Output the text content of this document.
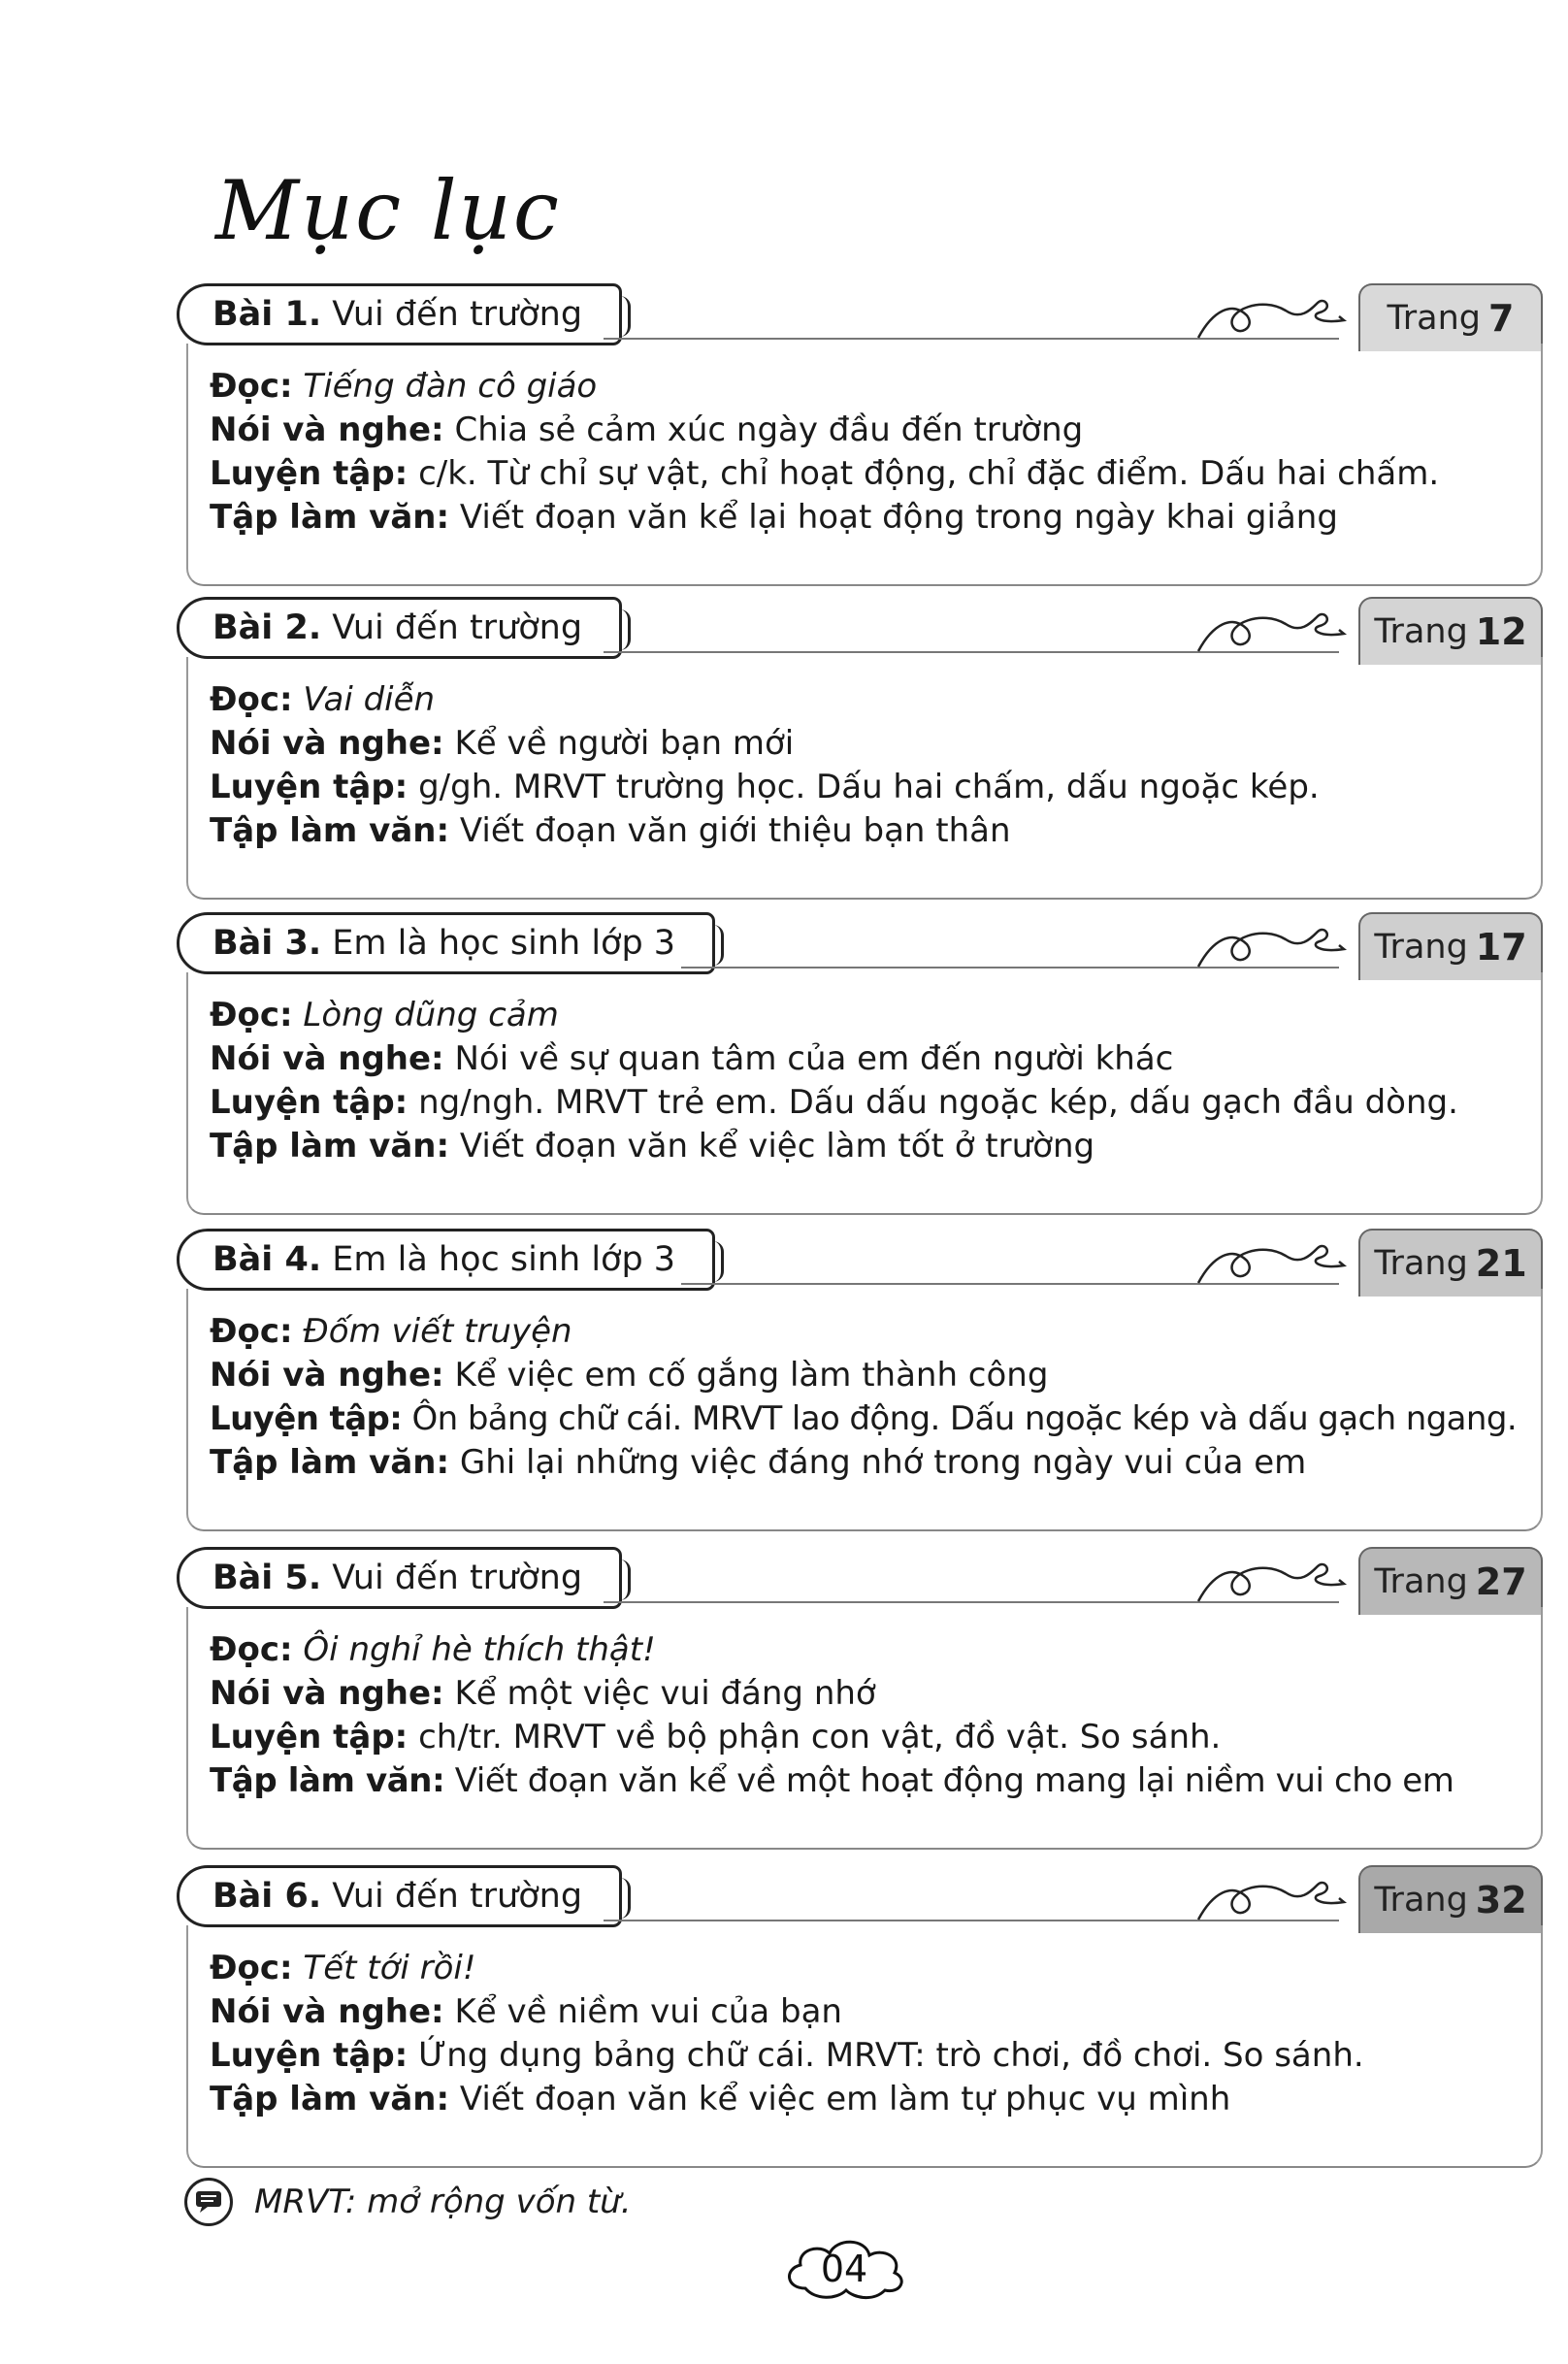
Mục lục
Bài 1.
Vui đến trường	Trang 7
Đọc: Tiếng đàn cô giáo
Nói và nghe: Chia sẻ cảm xúc ngày đầu đến trường
Luyện tập: c/k. Từ chỉ sự vật, chỉ hoạt động, chỉ đặc điểm. Dấu hai chấm.
Tập làm văn: Viết đoạn văn kể lại hoạt động trong ngày khai giảng
Bài 2.
Vui đến trường	Trang 12
Đọc: Vai diễn
Nói và nghe: Kể về người bạn mới
Luyện tập: g/gh. MRVT trường học. Dấu hai chấm, dấu ngoặc kép.
Tập làm văn: Viết đoạn văn giới thiệu bạn thân
Bài 3.
Em là học sinh lớp 3	Trang 17
Đọc: Lòng dũng cảm
Nói và nghe: Nói về sự quan tâm của em đến người khác
Luyện tập: ng/ngh. MRVT trẻ em. Dấu dấu ngoặc kép, dấu gạch đầu dòng.
Tập làm văn: Viết đoạn văn kể việc làm tốt ở trường
Bài 4.
Em là học sinh lớp 3	Trang 21
Đọc: Đốm viết truyện
Nói và nghe: Kể việc em cố gắng làm thành công
Luyện tập: Ôn bảng chữ cái. MRVT lao động. Dấu ngoặc kép và dấu gạch ngang.
Tập làm văn: Ghi lại những việc đáng nhớ trong ngày vui của em
Bài 5.
Vui đến trường	Trang 27
Đọc: Ôi nghỉ hè thích thật!
Nói và nghe: Kể một việc vui đáng nhớ
Luyện tập: ch/tr. MRVT về bộ phận con vật, đồ vật. So sánh.
Tập làm văn: Viết đoạn văn kể về một hoạt động mang lại niềm vui cho em
Bài 6.
Vui đến trường	Trang 32
Đọc: Tết tới rồi!
Nói và nghe: Kể về niềm vui của bạn
Luyện tập: Ứng dụng bảng chữ cái. MRVT: trò chơi, đồ chơi. So sánh.
Tập làm văn: Viết đoạn văn kể việc em làm tự phục vụ mình
MRVT: mở rộng vốn từ.
04
